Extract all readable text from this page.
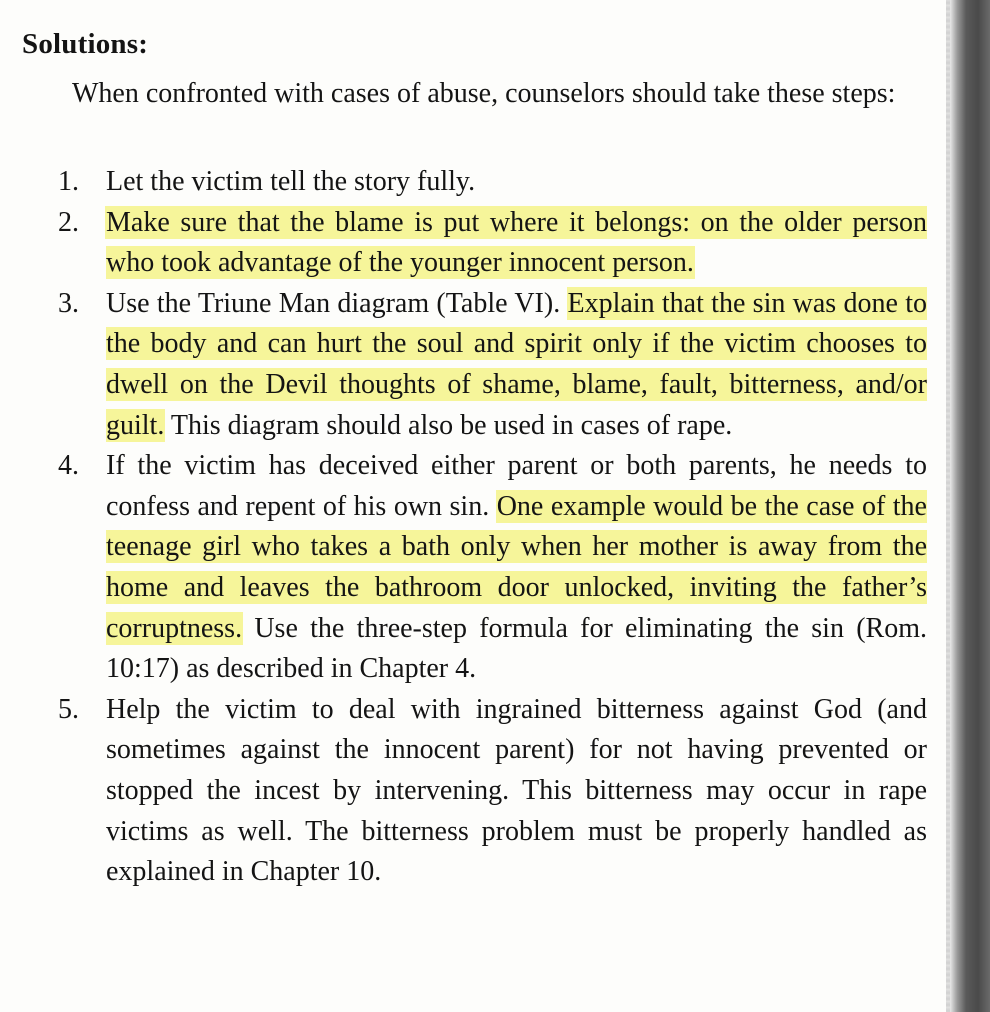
Solutions:

When confronted with cases of abuse, counselors should take these steps:

1. Let the victim tell the story fully.
2. Make sure that the blame is put where it belongs: on the older person who took advantage of the younger innocent person.
3. Use the Triune Man diagram (Table VI). Explain that the sin was done to the body and can hurt the soul and spirit only if the victim chooses to dwell on the Devil thoughts of shame, blame, fault, bitterness, and/or guilt. This diagram should also be used in cases of rape.
4. If the victim has deceived either parent or both parents, he needs to confess and repent of his own sin. One example would be the case of the teenage girl who takes a bath only when her mother is away from the home and leaves the bathroom door unlocked, inviting the father’s corruptness. Use the three-step formula for eliminating the sin (Rom. 10:17) as described in Chapter 4.
5. Help the victim to deal with ingrained bitterness against God (and sometimes against the innocent parent) for not having prevented or stopped the incest by intervening. This bitterness may occur in rape victims as well. The bitterness problem must be properly handled as explained in Chapter 10.
